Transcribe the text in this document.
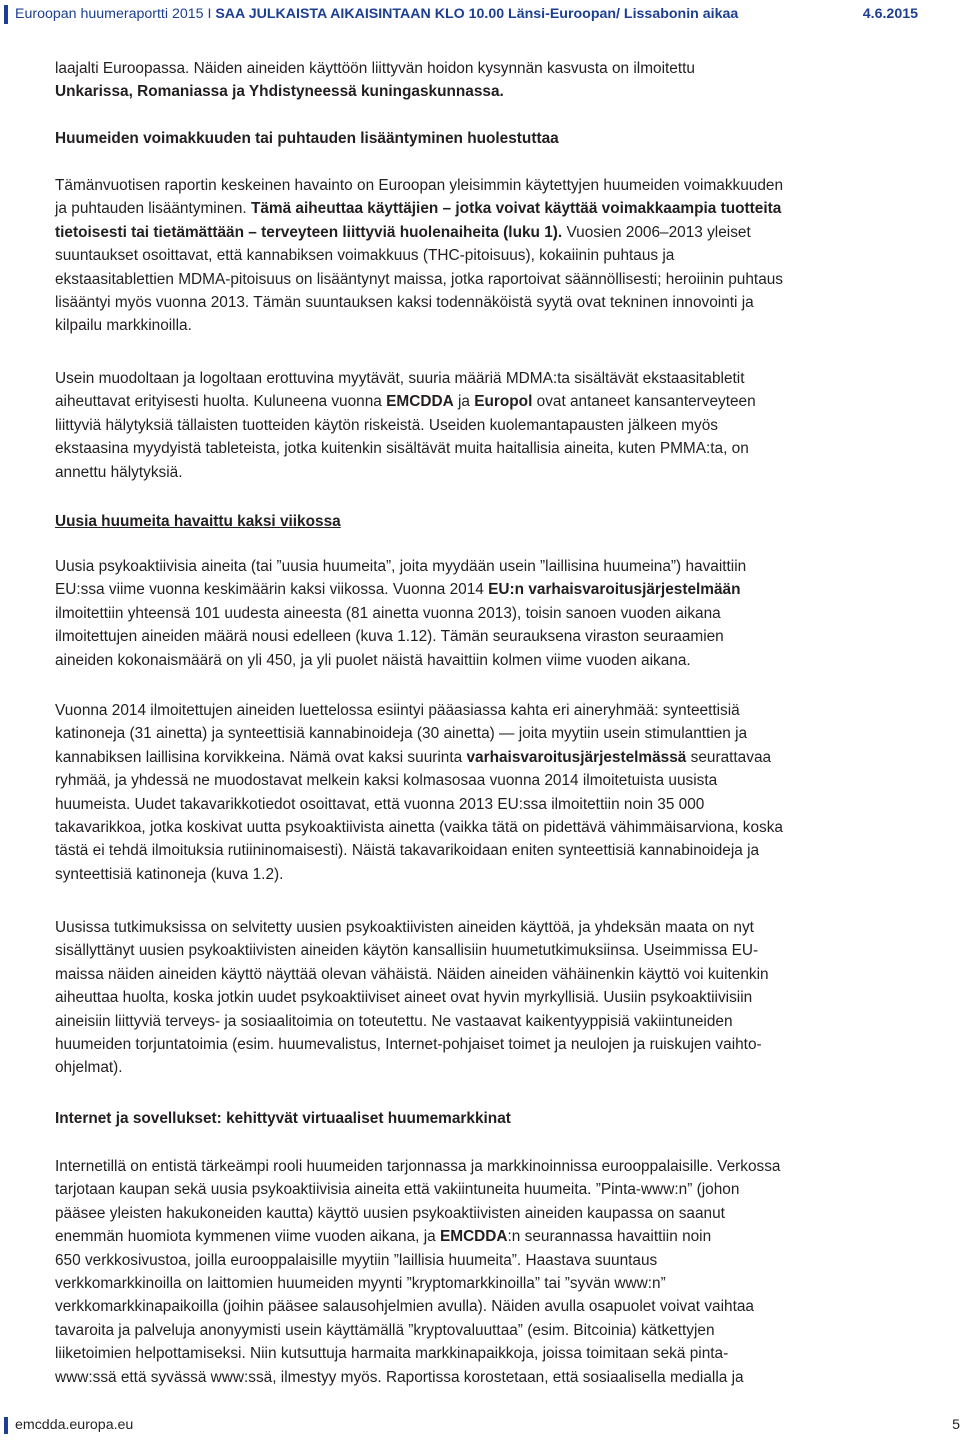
Euroopan huumeraportti 2015 I SAA JULKAISTA AIKAISINTAAN KLO 10.00 Länsi-Euroopan/ Lissabonin aikaa	4.6.2015
laajalti Euroopassa. Näiden aineiden käyttöön liittyvän hoidon kysynnän kasvusta on ilmoitettu
Unkarissa, Romaniassa ja Yhdistyneessä kuningaskunnassa.
Huumeiden voimakkuuden tai puhtauden lisääntyminen huolestuttaa
Tämänvuotisen raportin keskeinen havainto on Euroopan yleisimmin käytettyjen huumeiden voimakkuuden
ja puhtauden lisääntyminen. Tämä aiheuttaa käyttäjien – jotka voivat käyttää voimakkaampia tuotteita
tietoisesti tai tietämättään – terveyteen liittyviä huolenaiheita (luku 1). Vuosien 2006–2013 yleiset
suuntaukset osoittavat, että kannabiksen voimakkuus (THC-pitoisuus), kokaiinin puhtaus ja
ekstaasitablettien MDMA-pitoisuus on lisääntynyt maissa, jotka raportoivat säännöllisesti; heroiinin puhtaus
lisääntyi myös vuonna 2013. Tämän suuntauksen kaksi todennäköistä syytä ovat tekninen innovointi ja
kilpailu markkinoilla.
Usein muodoltaan ja logoltaan erottuvina myytävät, suuria määriä MDMA:ta sisältävät ekstaasitabletit
aiheuttavat erityisesti huolta. Kuluneena vuonna EMCDDA ja Europol ovat antaneet kansanterveyteen
liittyviä hälytyksiä tällaisten tuotteiden käytön riskeistä. Useiden kuolemantapausten jälkeen myös
ekstaasina myydyistä tableteista, jotka kuitenkin sisältävät muita haitallisia aineita, kuten PMMA:ta, on
annettu hälytyksiä.
Uusia huumeita havaittu kaksi viikossa
Uusia psykoaktiivisia aineita (tai ”uusia huumeita”, joita myydään usein ”laillisina huumeina”) havaittiin
EU:ssa viime vuonna keskimäärin kaksi viikossa. Vuonna 2014 EU:n varhaisvaroitusjärjestelmään
ilmoitettiin yhteensä 101 uudesta aineesta (81 ainetta vuonna 2013), toisin sanoen vuoden aikana
ilmoitettujen aineiden määrä nousi edelleen (kuva 1.12). Tämän seurauksena viraston seuraamien
aineiden kokonaismäärä on yli 450, ja yli puolet näistä havaittiin kolmen viime vuoden aikana.
Vuonna 2014 ilmoitettujen aineiden luettelossa esiintyi pääasiassa kahta eri aineryhmää: synteettisiä
katinoneja (31 ainetta) ja synteettisiä kannabinoideja (30 ainetta) — joita myytiin usein stimulanttien ja
kannabiksen laillisina korvikkeina. Nämä ovat kaksi suurinta varhaisvaroitusjärjestelmässä seurattavaa
ryhmää, ja yhdessä ne muodostavat melkein kaksi kolmasosaa vuonna 2014 ilmoitetuista uusista
huumeista. Uudet takavarikkotiedot osoittavat, että vuonna 2013 EU:ssa ilmoitettiin noin 35 000
takavarikkoa, jotka koskivat uutta psykoaktiivista ainetta (vaikka tätä on pidettävä vähimmäisarviona, koska
tästä ei tehdä ilmoituksia rutiininomaisesti). Näistä takavarikoidaan eniten synteettisiä kannabinoideja ja
synteettisiä katinoneja (kuva 1.2).
Uusissa tutkimuksissa on selvitetty uusien psykoaktiivisten aineiden käyttöä, ja yhdeksän maata on nyt
sisällyttänyt uusien psykoaktiivisten aineiden käytön kansallisiin huumetutkimuksiinsa. Useimmissa EU-
maissa näiden aineiden käyttö näyttää olevan vähäistä. Näiden aineiden vähäinenkin käyttö voi kuitenkin
aiheuttaa huolta, koska jotkin uudet psykoaktiiviset aineet ovat hyvin myrkyllisiä. Uusiin psykoaktiivisiin
aineisiin liittyviä terveys- ja sosiaalitoimia on toteutettu. Ne vastaavat kaikentyyppisiä vakiintuneiden
huumeiden torjuntatoimia (esim. huumevalistus, Internet-pohjaiset toimet ja neulojen ja ruiskujen vaihto-
ohjelmat).
Internet ja sovellukset: kehittyvät virtuaaliset huumemarkkinat
Internetillä on entistä tärkeämpi rooli huumeiden tarjonnassa ja markkinoinnissa eurooppalaisille. Verkossa
tarjotaan kaupan sekä uusia psykoaktiivisia aineita että vakiintuneita huumeita. ”Pinta-www:n” (johon
pääsee yleisten hakukoneiden kautta) käyttö uusien psykoaktiivisten aineiden kaupassa on saanut
enemmän huomiota kymmenen viime vuoden aikana, ja EMCDDA:n seurannassa havaittiin noin
650 verkkosivustoa, joilla eurooppalaisille myytiin ”laillisia huumeita”. Haastava suuntaus
verkkomarkkinoilla on laittomien huumeiden myynti ”kryptomarkkinoilla” tai ”syvän www:n”
verkkomarkkinapaikoilla (joihin pääsee salausohjelmien avulla). Näiden avulla osapuolet voivat vaihtaa
tavaroita ja palveluja anonyymisti usein käyttämällä ”kryptovaluuttaa” (esim. Bitcoinia) kätkettyjen
liiketoimien helpottamiseksi. Niin kutsuttuja harmaita markkinapaikkoja, joissa toimitaan sekä pinta-
www:ssä että syvässä www:ssä, ilmestyy myös. Raportissa korostetaan, että sosiaalisella medialla ja
emcdda.europa.eu	5
